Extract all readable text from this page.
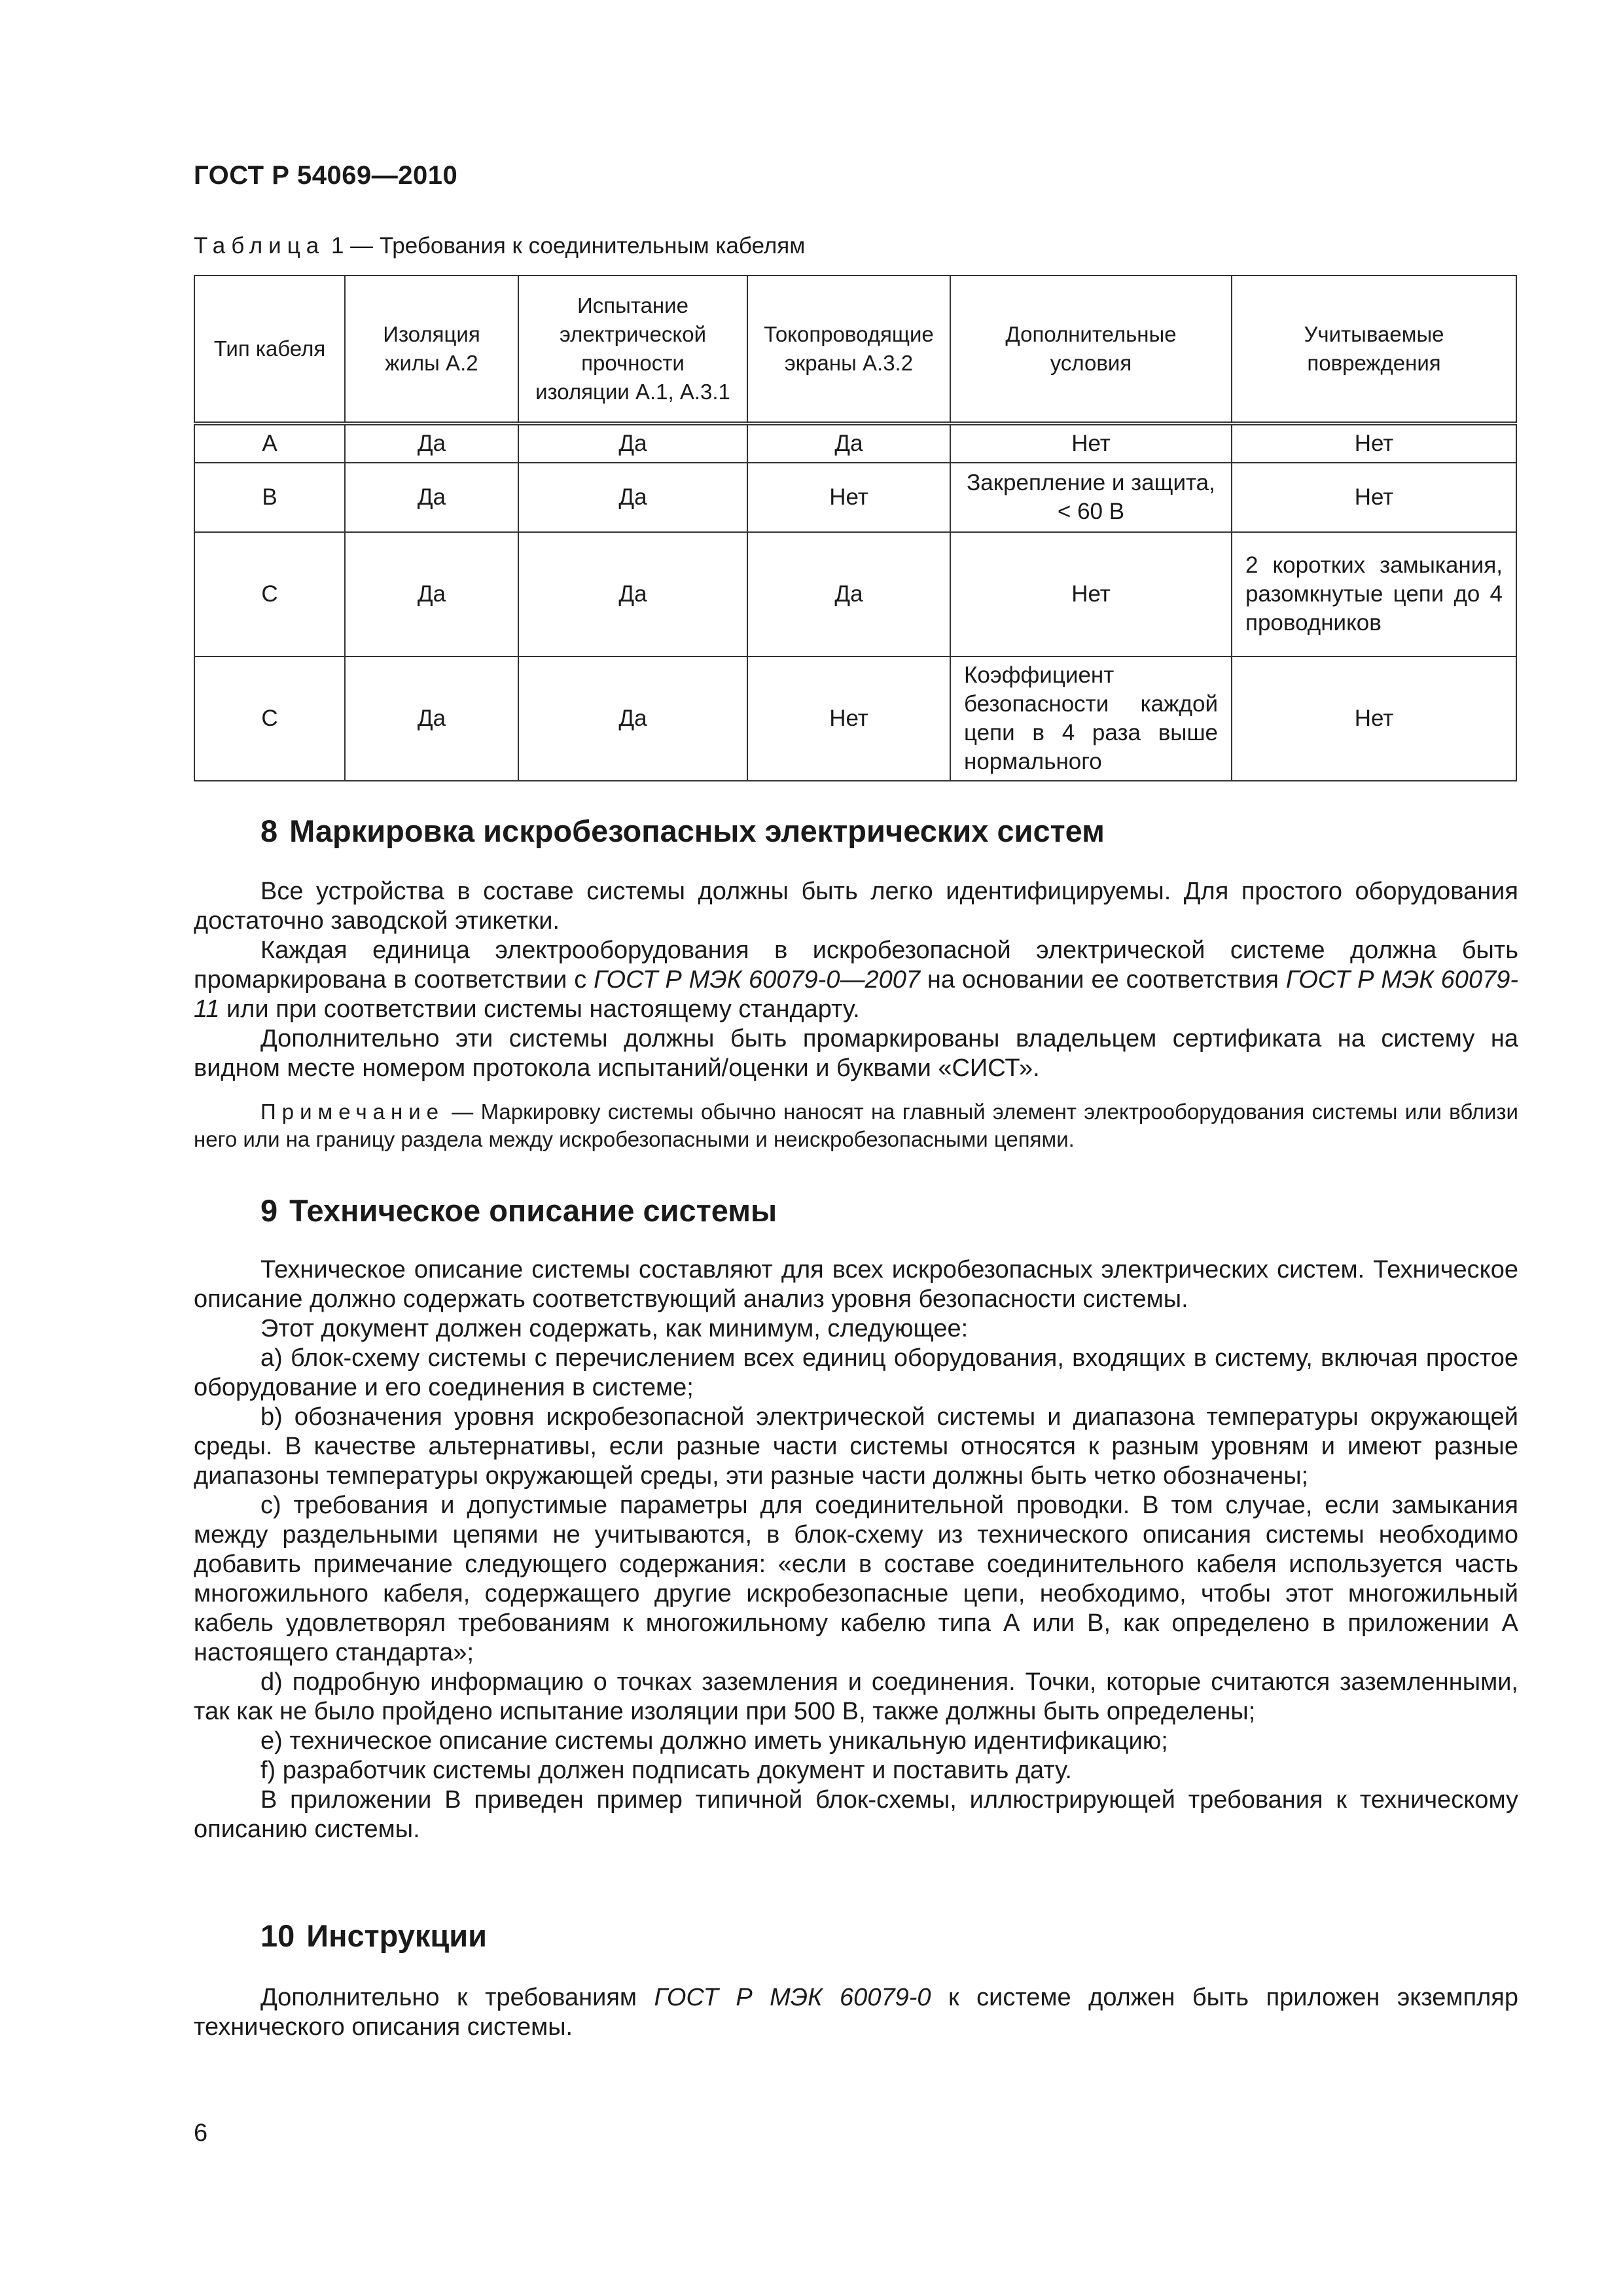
ГОСТ Р 54069—2010
Таблица 1 — Требования к соединительным кабелям
Тип кабеля	Изоляция жилы А.2	Испытание электрической прочности изоляции А.1, А.3.1	Токопроводящие экраны А.3.2	Дополнительные условия	Учитываемые повреждения
A	Да	Да	Да	Нет	Нет
B	Да	Да	Нет	Закрепление и защита, < 60 В	Нет
C	Да	Да	Да	Нет	2 коротких замыкания, разомкнутые цепи до 4 проводников
C	Да	Да	Нет	Коэффициент безопасности каждой цепи в 4 раза выше нормального	Нет
8 Маркировка искробезопасных электрических систем

Все устройства в составе системы должны быть легко идентифицируемы. Для простого оборудования достаточно заводской этикетки.

Каждая единица электрооборудования в искробезопасной электрической системе должна быть промаркирована в соответствии с ГОСТ Р МЭК 60079-0—2007 на основании ее соответствия ГОСТ Р МЭК 60079-11 или при соответствии системы настоящему стандарту.

Дополнительно эти системы должны быть промаркированы владельцем сертификата на систему на видном месте номером протокола испытаний/оценки и буквами «СИСТ».

Примечание — Маркировку системы обычно наносят на главный элемент электрооборудования системы или вблизи него или на границу раздела между искробезопасными и неискробезопасными цепями.

9 Техническое описание системы

Техническое описание системы составляют для всех искробезопасных электрических систем. Техническое описание должно содержать соответствующий анализ уровня безопасности системы.

Этот документ должен содержать, как минимум, следующее:

a) блок-схему системы с перечислением всех единиц оборудования, входящих в систему, включая простое оборудование и его соединения в системе;

b) обозначения уровня искробезопасной электрической системы и диапазона температуры окружающей среды. В качестве альтернативы, если разные части системы относятся к разным уровням и имеют разные диапазоны температуры окружающей среды, эти разные части должны быть четко обозначены;

c) требования и допустимые параметры для соединительной проводки. В том случае, если замыкания между раздельными цепями не учитываются, в блок-схему из технического описания системы необходимо добавить примечание следующего содержания: «если в составе соединительного кабеля используется часть многожильного кабеля, содержащего другие искробезопасные цепи, необходимо, чтобы этот многожильный кабель удовлетворял требованиям к многожильному кабелю типа А или В, как определено в приложении А настоящего стандарта»;

d) подробную информацию о точках заземления и соединения. Точки, которые считаются заземленными, так как не было пройдено испытание изоляции при 500 В, также должны быть определены;

e) техническое описание системы должно иметь уникальную идентификацию;

f) разработчик системы должен подписать документ и поставить дату.

В приложении В приведен пример типичной блок-схемы, иллюстрирующей требования к техническому описанию системы.

10 Инструкции

Дополнительно к требованиям ГОСТ Р МЭК 60079-0 к системе должен быть приложен экземпляр технического описания системы.

6
